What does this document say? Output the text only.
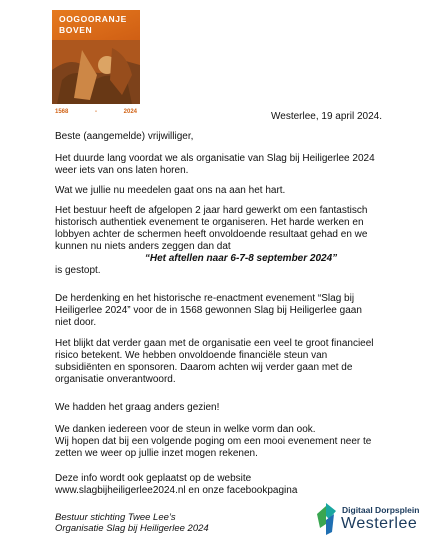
OOGOORANJE
BOVEN
1568	-	2024	Westerlee, 19 april 2024.
Beste (aangemelde) vrijwilliger,
Het duurde lang voordat we als organisatie van Slag bij Heiligerlee 2024
weer iets van ons laten horen.
Wat we jullie nu meedelen gaat ons na aan het hart.
Het bestuur heeft de afgelopen 2 jaar hard gewerkt om een fantastisch
historisch authentiek evenement te organiseren. Het harde werken en
lobbyen achter de schermen heeft onvoldoende resultaat gehad en we
kunnen nu niets anders zeggen dan dat
“Het aftellen naar 6-7-8 september 2024”
is gestopt.
De herdenking en het historische re-enactment evenement “Slag bij
Heiligerlee 2024” voor de in 1568 gewonnen Slag bij Heiligerlee gaan
niet door.
Het blijkt dat verder gaan met de organisatie een veel te groot financieel
risico betekent. We hebben onvoldoende financiële steun van
subsidiënten en sponsoren. Daarom achten wij verder gaan met de
organisatie onverantwoord.
We hadden het graag anders gezien!
We danken iedereen voor de steun in welke vorm dan ook.
Wij hopen dat bij een volgende poging om een mooi evenement neer te
zetten we weer op jullie inzet mogen rekenen.
Deze info wordt ook geplaatst op de website
www.slagbijheiligerlee2024.nl en onze facebookpagina
Bestuur stichting Twee Lee’s
Organisatie Slag bij Heiligerlee 2024
Digitaal Dorpsplein
Westerlee
